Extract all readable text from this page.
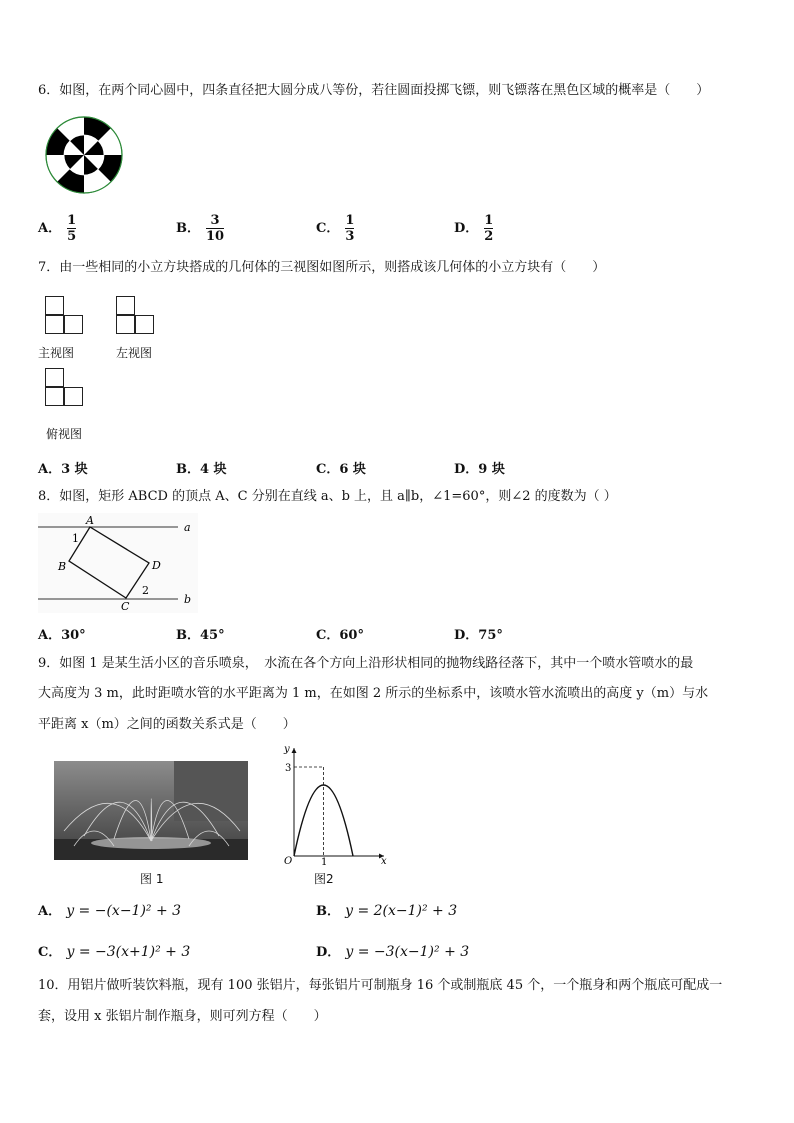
6．如图，在两个同心圆中，四条直径把大圆分成八等份，若往圆面投掷飞镖，则飞镖落在黑色区域的概率是（　　）
A． $\frac{1}{5}$	B． $\frac{3}{10}$	C． $\frac{1}{3}$	D． $\frac{1}{2}$
7．由一些相同的小立方块搭成的几何体的三视图如图所示，则搭成该几何体的小立方块有（　　）
主视图	左视图
俯视图
A．3 块	B．4 块	C．6 块	D．9 块
8．如图，矩形 ABCD 的顶点 A、C 分别在直线 a、b 上，且 a∥b，∠1=60°，则∠2 的度数为（ ）
A
B	D
C
1
2
a
b
A．30°	B．45°	C．60°	D．75°
9．如图 1 是某生活小区的音乐喷泉，　水流在各个方向上沿形状相同的抛物线路径落下，其中一个喷水管喷水的最
大高度为 3 m，此时距喷水管的水平距离为 1 m，在如图 2 所示的坐标系中，该喷水管水流喷出的高度 y（m）与水
平距离 x（m）之间的函数关系式是（　　）
图 1
y
x
O
3
1
图2
A． y = −(x−1)² + 3	B． y = 2(x−1)² + 3
C． y = −3(x+1)² + 3	D． y = −3(x−1)² + 3
10．用铝片做听装饮料瓶，现有 100 张铝片，每张铝片可制瓶身 16 个或制瓶底 45 个，一个瓶身和两个瓶底可配成一
套，设用 x 张铝片制作瓶身，则可列方程（　　）
